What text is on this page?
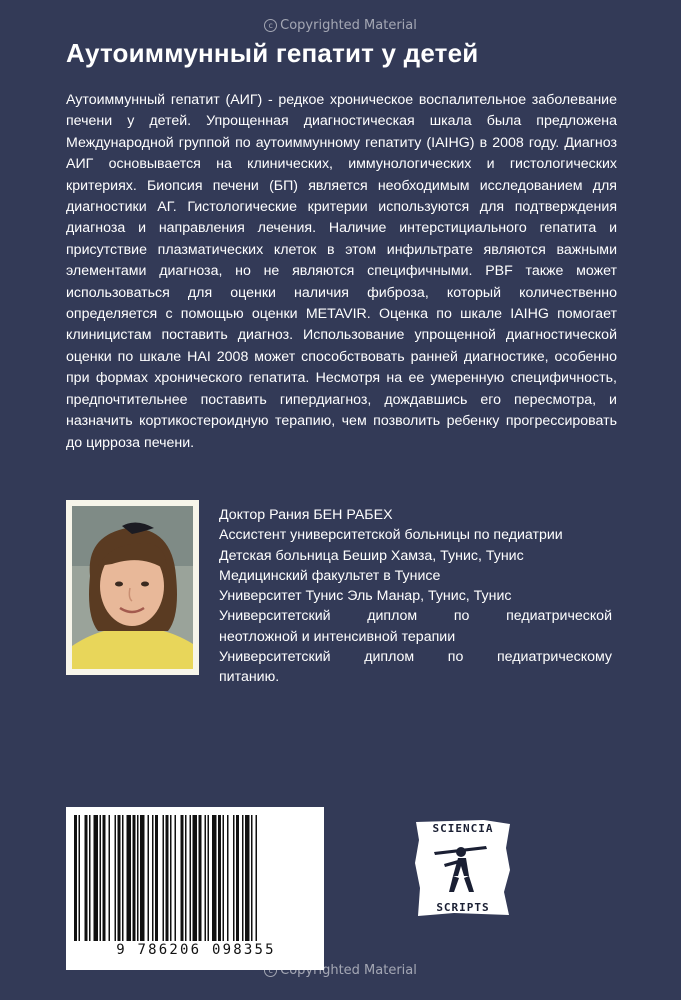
c Copyrighted Material
Аутоиммунный гепатит у детей
Аутоиммунный гепатит (АИГ) - редкое хроническое воспалительное заболевание печени у детей. Упрощенная диагностическая шкала была предложена Международной группой по аутоиммунному гепатиту (IAIHG) в 2008 году. Диагноз АИГ основывается на клинических, иммунологических и гистологических критериях. Биопсия печени (БП) является необходимым исследованием для диагностики АГ. Гистологические критерии используются для подтверждения диагноза и направления лечения. Наличие интерстициального гепатита и присутствие плазматических клеток в этом инфильтрате являются важными элементами диагноза, но не являются специфичными. PBF также может использоваться для оценки наличия фиброза, который количественно определяется с помощью оценки METAVIR. Оценка по шкале IAIHG помогает клиницистам поставить диагноз. Использование упрощенной диагностической оценки по шкале HAI 2008 может способствовать ранней диагностике, особенно при формах хронического гепатита. Несмотря на ее умеренную специфичность, предпочтительнее поставить гипердиагноз, дождавшись его пересмотра, и назначить кортикостероидную терапию, чем позволить ребенку прогрессировать до цирроза печени.
Доктор Рания БЕН РАБЕХ
Ассистент университетской больницы по педиатрии
Детская больница Бешир Хамза, Тунис, Тунис
Медицинский факультет в Тунисе
Университет Тунис Эль Манар, Тунис, Тунис
Университетский диплом по педиатрической
неотложной и интенсивной терапии
Университетский диплом по педиатрическому
питанию.
9 786206 098355
SCIENCIA
SCRIPTS
c Copyrighted Material
